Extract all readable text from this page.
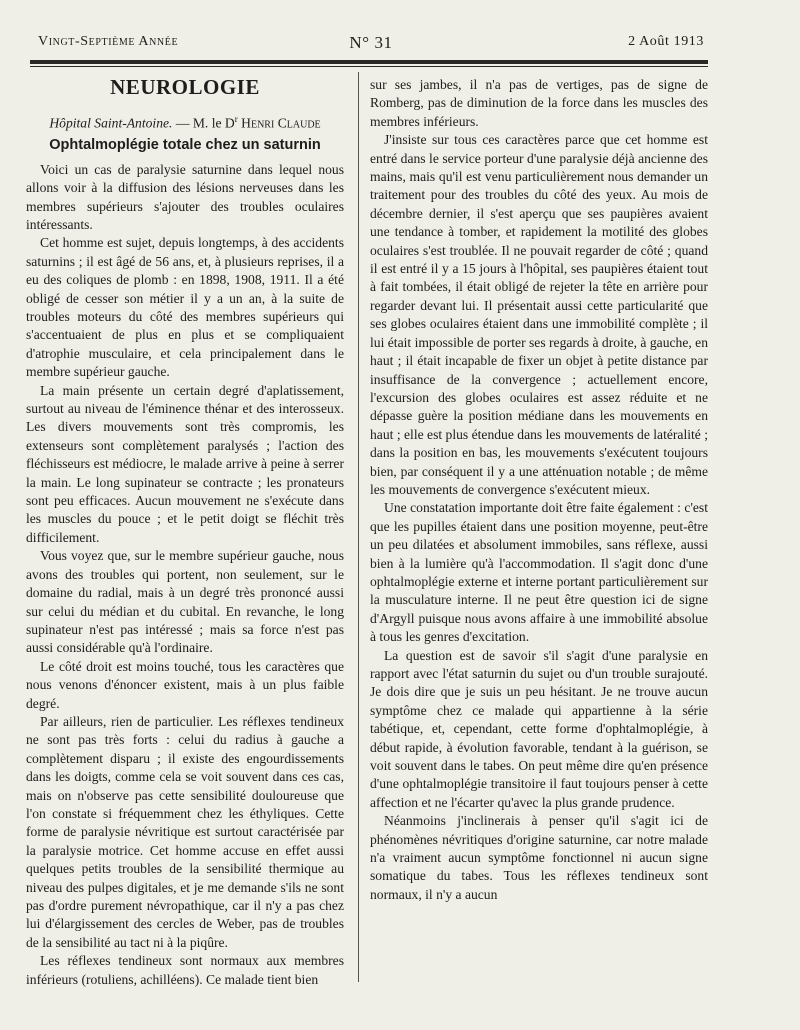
Vingt-Septième Année	N° 31	2 Août 1913
NEUROLOGIE
Hôpital Saint-Antoine. — M. le $D^r$ Henri Claude
Ophtalmoplégie totale chez un saturnin

Voici un cas de paralysie saturnine dans lequel nous allons voir à la diffusion des lésions nerveuses dans les membres supérieurs s'ajouter des troubles oculaires intéressants.

Cet homme est sujet, depuis longtemps, à des accidents saturnins ; il est âgé de 56 ans, et, à plusieurs reprises, il a eu des coliques de plomb : en 1898, 1908, 1911. Il a été obligé de cesser son métier il y a un an, à la suite de troubles moteurs du côté des membres supérieurs qui s'accentuaient de plus en plus et se compliquaient d'atrophie musculaire, et cela principalement dans le membre supérieur gauche.

La main présente un certain degré d'aplatissement, surtout au niveau de l'éminence thénar et des interosseux. Les divers mouvements sont très compromis, les extenseurs sont complètement paralysés ; l'action des fléchisseurs est médiocre, le malade arrive à peine à serrer la main. Le long supinateur se contracte ; les pronateurs sont peu efficaces. Aucun mouvement ne s'exécute dans les muscles du pouce ; et le petit doigt se fléchit très difficilement.

Vous voyez que, sur le membre supérieur gauche, nous avons des troubles qui portent, non seulement, sur le domaine du radial, mais à un degré très prononcé aussi sur celui du médian et du cubital. En revanche, le long supinateur n'est pas intéressé ; mais sa force n'est pas aussi considérable qu'à l'ordinaire.

Le côté droit est moins touché, tous les caractères que nous venons d'énoncer existent, mais à un plus faible degré.

Par ailleurs, rien de particulier. Les réflexes tendineux ne sont pas très forts : celui du radius à gauche a complètement disparu ; il existe des engourdissements dans les doigts, comme cela se voit souvent dans ces cas, mais on n'observe pas cette sensibilité douloureuse que l'on constate si fréquemment chez les éthyliques. Cette forme de paralysie névritique est surtout caractérisée par la paralysie motrice. Cet homme accuse en effet aussi quelques petits troubles de la sensibilité thermique au niveau des pulpes digitales, et je me demande s'ils ne sont pas d'ordre purement névropathique, car il n'y a pas chez lui d'élargissement des cercles de Weber, pas de troubles de la sensibilité au tact ni à la piqûre.

Les réflexes tendineux sont normaux aux membres inférieurs (rotuliens, achilléens). Ce malade tient bien

sur ses jambes, il n'a pas de vertiges, pas de signe de Romberg, pas de diminution de la force dans les muscles des membres inférieurs.

J'insiste sur tous ces caractères parce que cet homme est entré dans le service porteur d'une paralysie déjà ancienne des mains, mais qu'il est venu particulièrement nous demander un traitement pour des troubles du côté des yeux. Au mois de décembre dernier, il s'est aperçu que ses paupières avaient une tendance à tomber, et rapidement la motilité des globes oculaires s'est troublée. Il ne pouvait regarder de côté ; quand il est entré il y a 15 jours à l'hôpital, ses paupières étaient tout à fait tombées, il était obligé de rejeter la tête en arrière pour regarder devant lui. Il présentait aussi cette particularité que ses globes oculaires étaient dans une immobilité complète ; il lui était impossible de porter ses regards à droite, à gauche, en haut ; il était incapable de fixer un objet à petite distance par insuffisance de la convergence ; actuellement encore, l'excursion des globes oculaires est assez réduite et ne dépasse guère la position médiane dans les mouvements en haut ; elle est plus étendue dans les mouvements de latéralité ; dans la position en bas, les mouvements s'exécutent toujours bien, par conséquent il y a une atténuation notable ; de même les mouvements de convergence s'exécutent mieux.

Une constatation importante doit être faite également : c'est que les pupilles étaient dans une position moyenne, peut-être un peu dilatées et absolument immobiles, sans réflexe, aussi bien à la lumière qu'à l'accommodation. Il s'agit donc d'une ophtalmoplégie externe et interne portant particulièrement sur la musculature interne. Il ne peut être question ici de signe d'Argyll puisque nous avons affaire à une immobilité absolue à tous les genres d'excitation.

La question est de savoir s'il s'agit d'une paralysie en rapport avec l'état saturnin du sujet ou d'un trouble surajouté. Je dois dire que je suis un peu hésitant. Je ne trouve aucun symptôme chez ce malade qui appartienne à la série tabétique, et, cependant, cette forme d'ophtalmoplégie, à début rapide, à évolution favorable, tendant à la guérison, se voit souvent dans le tabes. On peut même dire qu'en présence d'une ophtalmoplégie transitoire il faut toujours penser à cette affection et ne l'écarter qu'avec la plus grande prudence.

Néanmoins j'inclinerais à penser qu'il s'agit ici de phénomènes névritiques d'origine saturnine, car notre malade n'a vraiment aucun symptôme fonctionnel ni aucun signe somatique du tabes. Tous les réflexes tendineux sont normaux, il n'y a aucun
